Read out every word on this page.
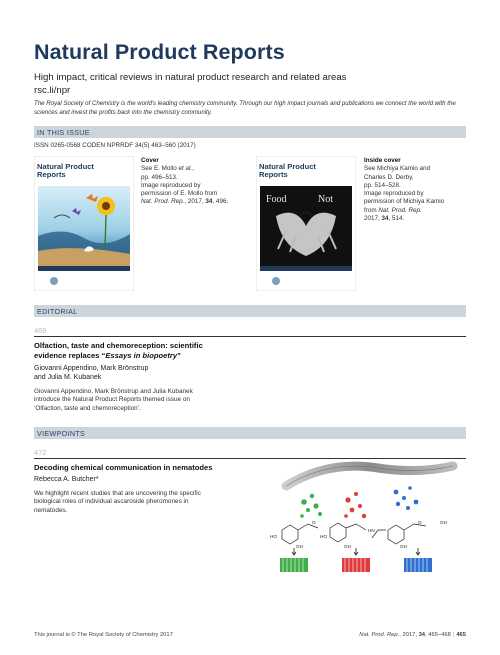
Natural Product Reports
High impact, critical reviews in natural product research and related areas
rsc.li/npr
The Royal Society of Chemistry is the world's leading chemistry community. Through our high impact journals and publications we connect the world with the sciences and invest the profits back into the chemistry community.
IN THIS ISSUE
ISSN 0265-0568 CODEN NPRRDF 34(5) 463–560 (2017)
Natural Product Reports
Cover
See E. Mollo et al.,
pp. 496–513.
Image reproduced by
permission of E. Mollo from
Nat. Prod. Rep., 2017, 34, 496.
Natural Product Reports
Food	Not
Inside cover
See Michiya Kamio and
Charles D. Derby,
pp. 514–528.
Image reproduced by
permission of Michiya Kamio
from Nat. Prod. Rep.
2017, 34, 514.
EDITORIAL
469
Olfaction, taste and chemoreception: scientific
evidence replaces “Essays in biopoetry”
Giovanni Appendino, Mark Brönstrup
and Julia M. Kubanek
Giovanni Appendino, Mark Brönstrup and Julia Kubanek
introduce the Natural Product Reports themed issue on
‘Olfaction, taste and chemoreception’.
VIEWPOINTS
472
Decoding chemical communication in nematodes
Rebecca A. Butcher*
We highlight recent studies that are uncovering the specific
biological roles of individual ascaroside pheromones in
nematodes.
HO
OH
HO
OH
HN
OH
OH
O	O
This journal is © The Royal Society of Chemistry 2017	Nat. Prod. Rep., 2017, 34, 465–468 | 465
